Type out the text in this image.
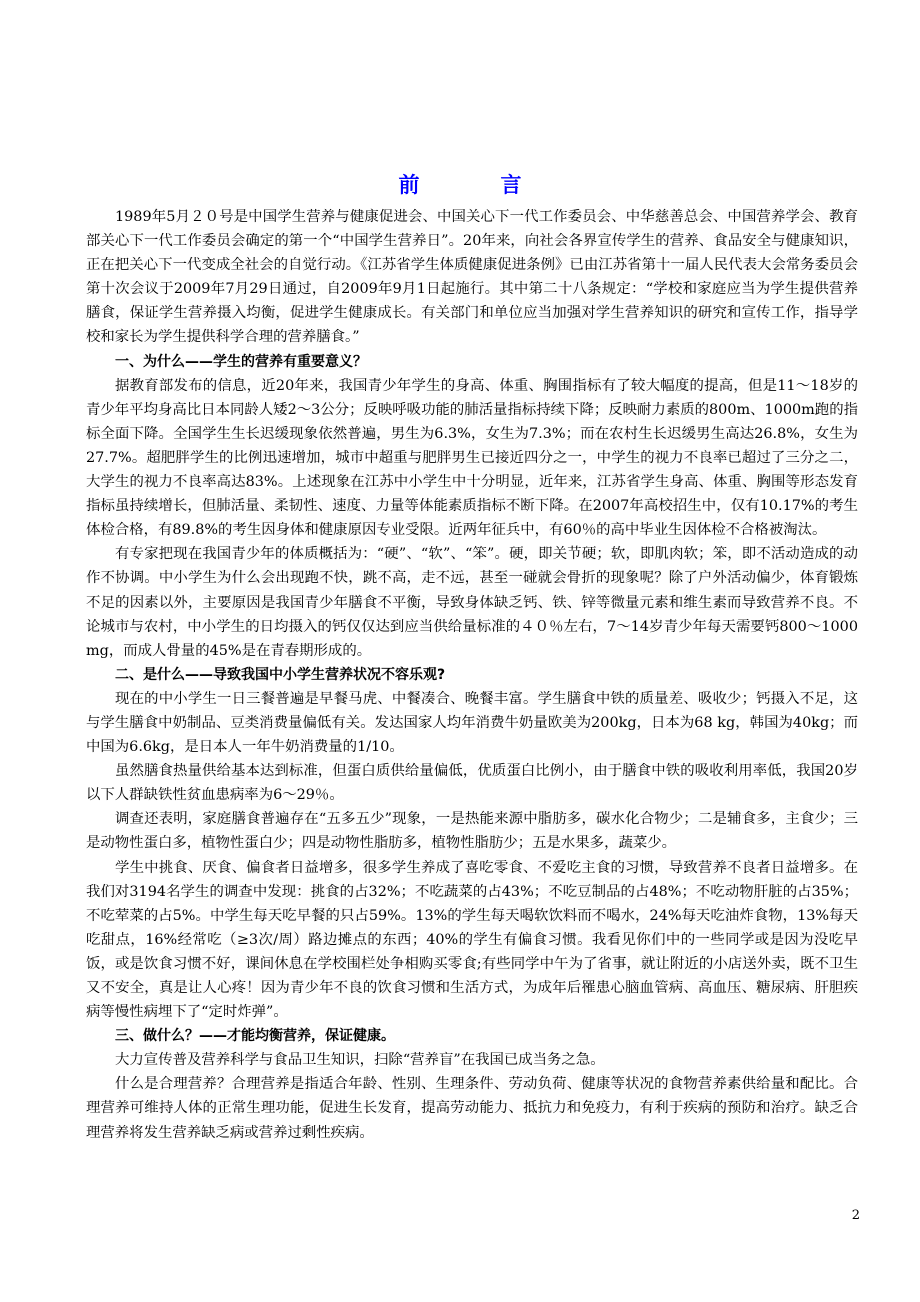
前　言

1989年5月２０号是中国学生营养与健康促进会、中国关心下一代工作委员会、中华慈善总会、中国营养学会、教育部关心下一代工作委员会确定的第一个“中国学生营养日”。20年来，向社会各界宣传学生的营养、食品安全与健康知识，正在把关心下一代变成全社会的自觉行动。《江苏省学生体质健康促进条例》已由江苏省第十一届人民代表大会常务委员会第十次会议于2009年7月29日通过，自2009年9月1日起施行。其中第二十八条规定：“学校和家庭应当为学生提供营养膳食，保证学生营养摄入均衡，促进学生健康成长。有关部门和单位应当加强对学生营养知识的研究和宣传工作，指导学校和家长为学生提供科学合理的营养膳食。”

一、为什么——学生的营养有重要意义？

据教育部发布的信息，近20年来，我国青少年学生的身高、体重、胸围指标有了较大幅度的提高，但是11～18岁的青少年平均身高比日本同龄人矮2～3公分；反映呼吸功能的肺活量指标持续下降；反映耐力素质的800m、1000m跑的指标全面下降。全国学生生长迟缓现象依然普遍，男生为6.3%，女生为7.3%；而在农村生长迟缓男生高达26.8%，女生为27.7%。超肥胖学生的比例迅速增加，城市中超重与肥胖男生已接近四分之一，中学生的视力不良率已超过了三分之二，大学生的视力不良率高达83%。上述现象在江苏中小学生中十分明显，近年来，江苏省学生身高、体重、胸围等形态发育指标虽持续增长，但肺活量、柔韧性、速度、力量等体能素质指标不断下降。在2007年高校招生中，仅有10.17%的考生体检合格，有89.8%的考生因身体和健康原因专业受限。近两年征兵中，有60％的高中毕业生因体检不合格被淘汰。

有专家把现在我国青少年的体质概括为：“硬”、“软”、“笨”。硬，即关节硬；软，即肌肉软；笨，即不活动造成的动作不协调。中小学生为什么会出现跑不快，跳不高，走不远，甚至一碰就会骨折的现象呢？除了户外活动偏少，体育锻炼不足的因素以外，主要原因是我国青少年膳食不平衡，导致身体缺乏钙、铁、锌等微量元素和维生素而导致营养不良。不论城市与农村，中小学生的日均摄入的钙仅仅达到应当供给量标准的４０％左右，7～14岁青少年每天需要钙800～1000 mg，而成人骨量的45%是在青春期形成的。

二、是什么——导致我国中小学生营养状况不容乐观?

现在的中小学生一日三餐普遍是早餐马虎、中餐凑合、晚餐丰富。学生膳食中铁的质量差、吸收少；钙摄入不足，这与学生膳食中奶制品、豆类消费量偏低有关。发达国家人均年消费牛奶量欧美为200kg，日本为68 kg，韩国为40kg；而中国为6.6kg，是日本人一年牛奶消费量的1/10。

虽然膳食热量供给基本达到标准，但蛋白质供给量偏低，优质蛋白比例小，由于膳食中铁的吸收利用率低，我国20岁以下人群缺铁性贫血患病率为6～29％。

调查还表明，家庭膳食普遍存在“五多五少”现象，一是热能来源中脂肪多，碳水化合物少；二是辅食多，主食少；三是动物性蛋白多，植物性蛋白少；四是动物性脂肪多，植物性脂肪少；五是水果多，蔬菜少。

学生中挑食、厌食、偏食者日益增多，很多学生养成了喜吃零食、不爱吃主食的习惯，导致营养不良者日益增多。在我们对3194名学生的调查中发现：挑食的占32%；不吃蔬菜的占43%；不吃豆制品的占48%；不吃动物肝脏的占35%；不吃荤菜的占5%。中学生每天吃早餐的只占59%。13%的学生每天喝软饮料而不喝水，24%每天吃油炸食物，13%每天吃甜点，16%经常吃（≥3次/周）路边摊点的东西；40%的学生有偏食习惯。我看见你们中的一些同学或是因为没吃早饭，或是饮食习惯不好，课间休息在学校围栏处争相购买零食;有些同学中午为了省事，就让附近的小店送外卖，既不卫生又不安全，真是让人心疼！因为青少年不良的饮食习惯和生活方式，为成年后罹患心脑血管病、高血压、糖尿病、肝胆疾病等慢性病埋下了“定时炸弹”。

三、做什么？——才能均衡营养，保证健康。

大力宣传普及营养科学与食品卫生知识，扫除“营养盲”在我国已成当务之急。

什么是合理营养？合理营养是指适合年龄、性别、生理条件、劳动负荷、健康等状况的食物营养素供给量和配比。合理营养可维持人体的正常生理功能，促进生长发育，提高劳动能力、抵抗力和免疫力，有利于疾病的预防和治疗。缺乏合理营养将发生营养缺乏病或营养过剩性疾病。

2
